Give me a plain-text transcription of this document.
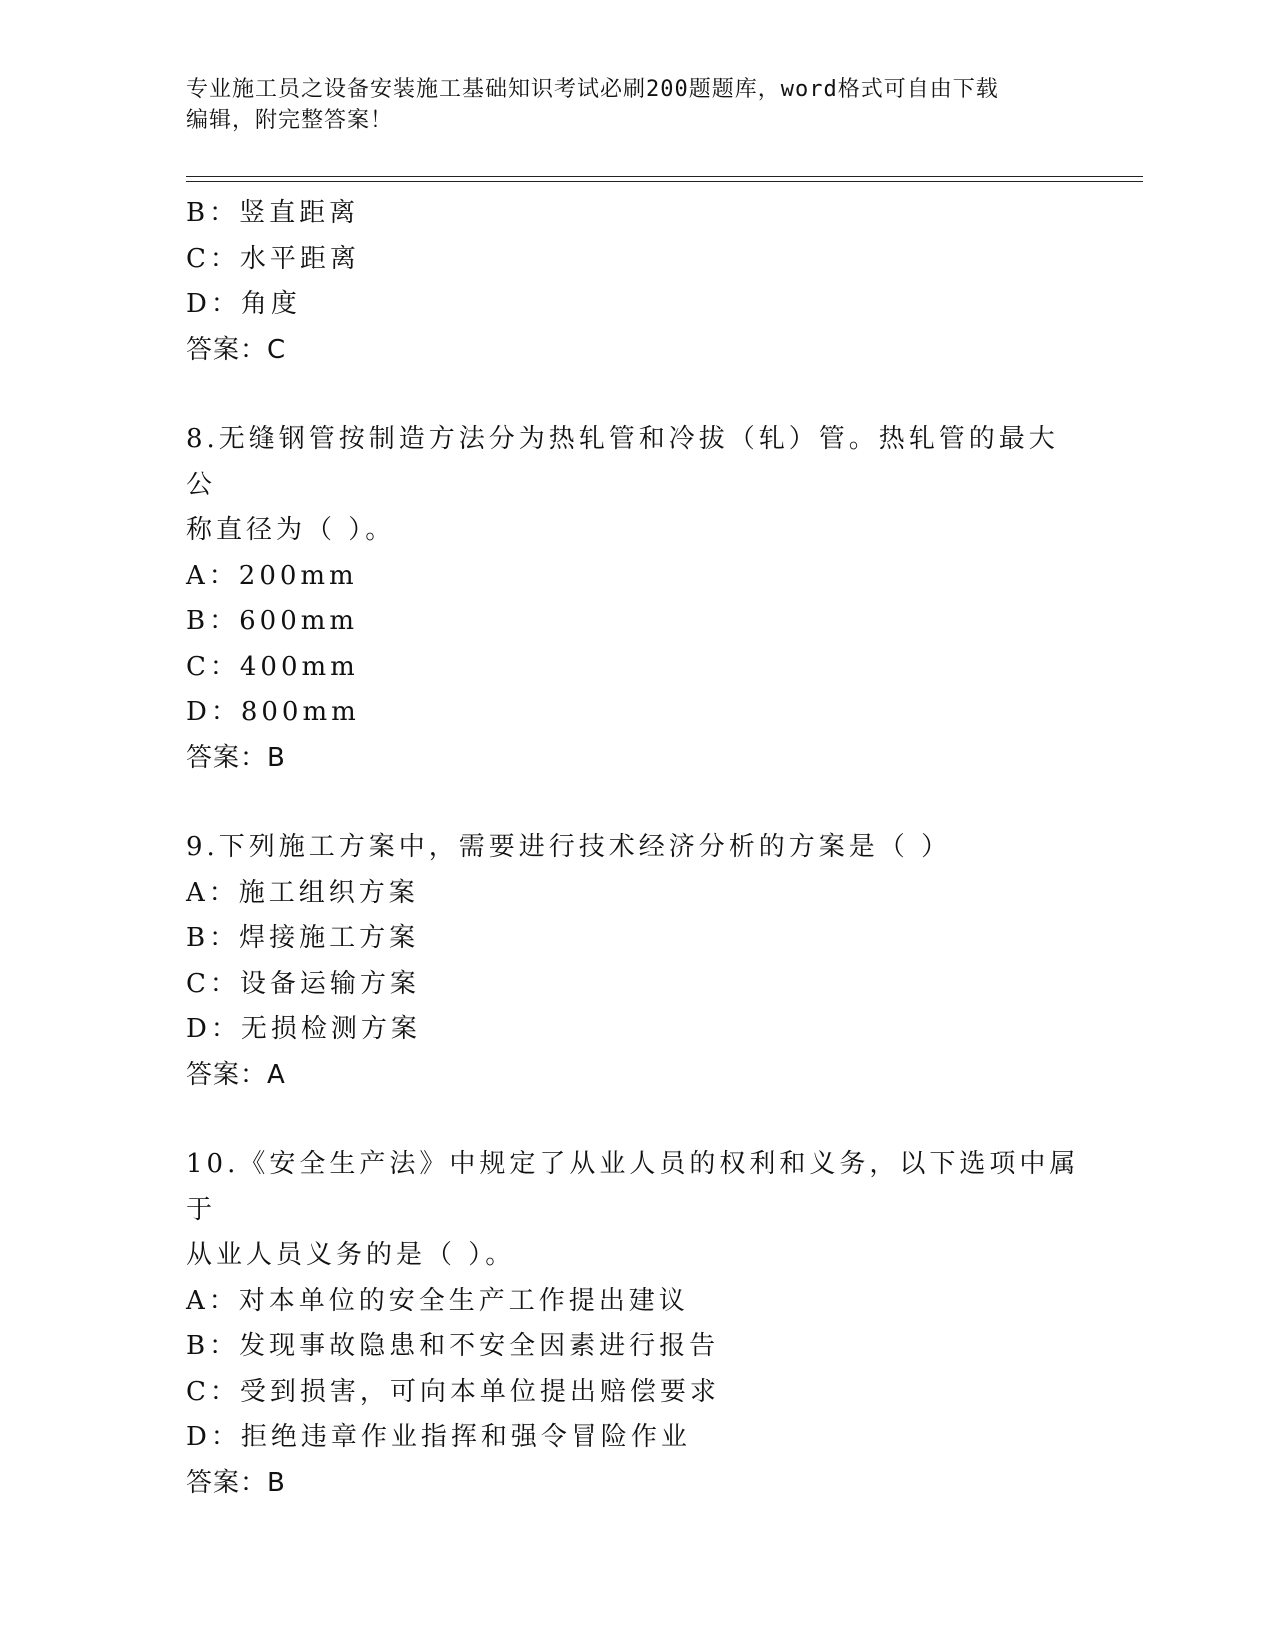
专业施工员之设备安装施工基础知识考试必刷200题题库，word格式可自由下载
编辑，附完整答案！
B：竖直距离
C：水平距离
D：角度
答案：C
8.无缝钢管按制造方法分为热轧管和冷拔（轧）管。热轧管的最大公
称直径为（ ）。
A：200mm
B：600mm
C：400mm
D：800mm
答案：B
9.下列施工方案中，需要进行技术经济分析的方案是（ ）
A：施工组织方案
B：焊接施工方案
C：设备运输方案
D：无损检测方案
答案：A
10.《安全生产法》中规定了从业人员的权利和义务，以下选项中属于
从业人员义务的是（ ）。
A：对本单位的安全生产工作提出建议
B：发现事故隐患和不安全因素进行报告
C：受到损害，可向本单位提出赔偿要求
D：拒绝违章作业指挥和强令冒险作业
答案：B
